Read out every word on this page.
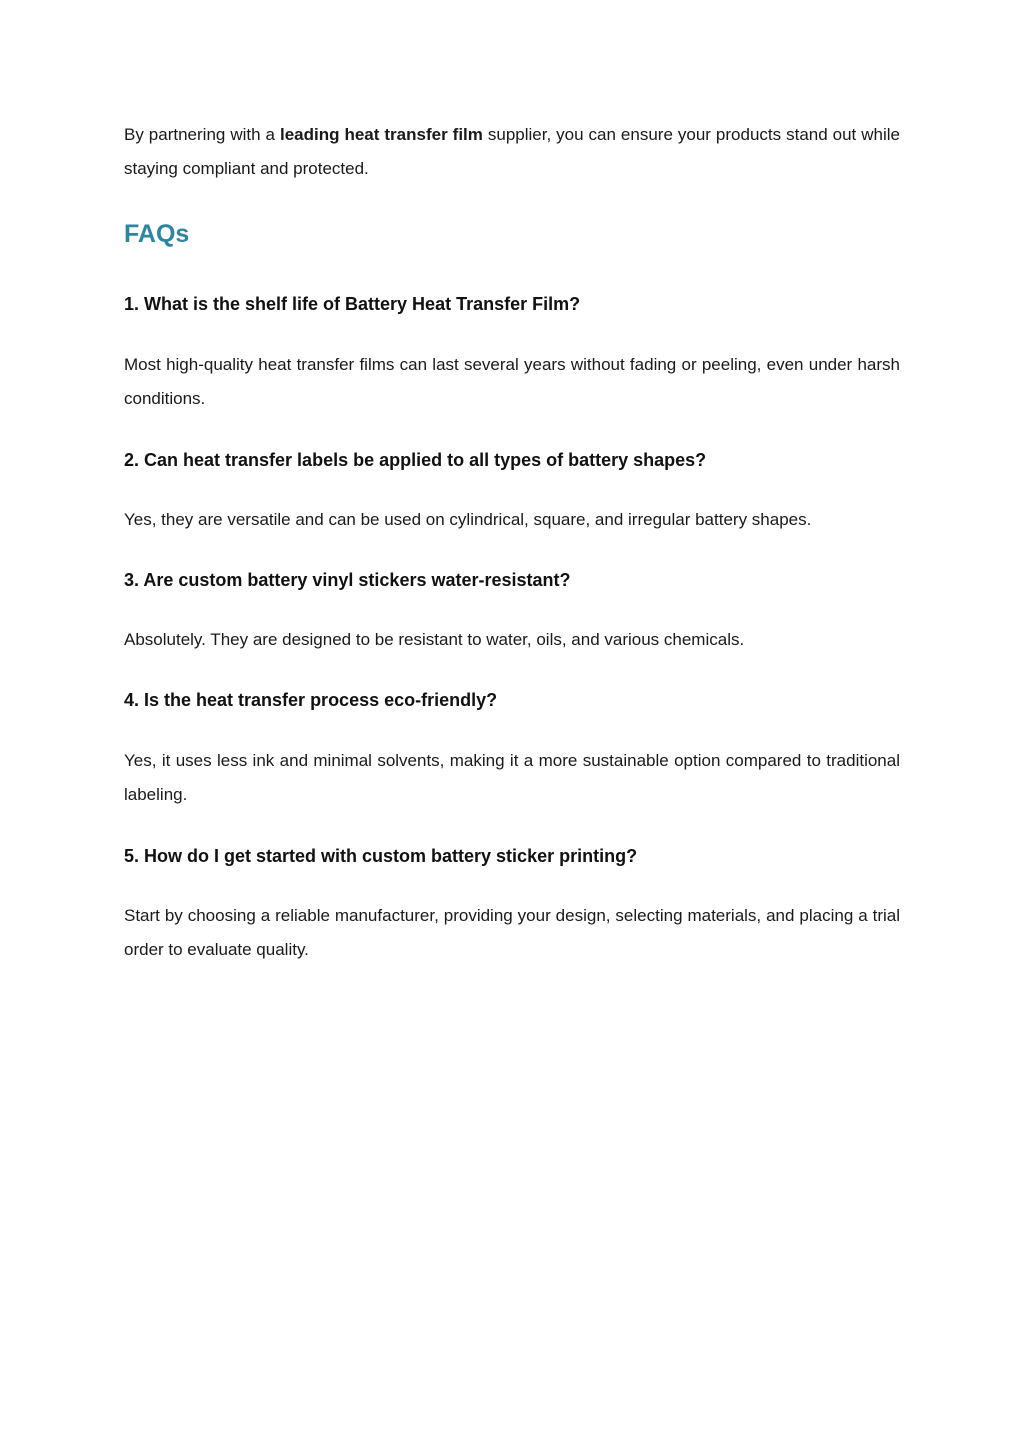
By partnering with a leading heat transfer film supplier, you can ensure your products stand out while staying compliant and protected.

FAQs
1. What is the shelf life of Battery Heat Transfer Film?

Most high-quality heat transfer films can last several years without fading or peeling, even under harsh conditions.

2. Can heat transfer labels be applied to all types of battery shapes?

Yes, they are versatile and can be used on cylindrical, square, and irregular battery shapes.

3. Are custom battery vinyl stickers water-resistant?

Absolutely. They are designed to be resistant to water, oils, and various chemicals.

4. Is the heat transfer process eco-friendly?

Yes, it uses less ink and minimal solvents, making it a more sustainable option compared to traditional labeling.

5. How do I get started with custom battery sticker printing?

Start by choosing a reliable manufacturer, providing your design, selecting materials, and placing a trial order to evaluate quality.
